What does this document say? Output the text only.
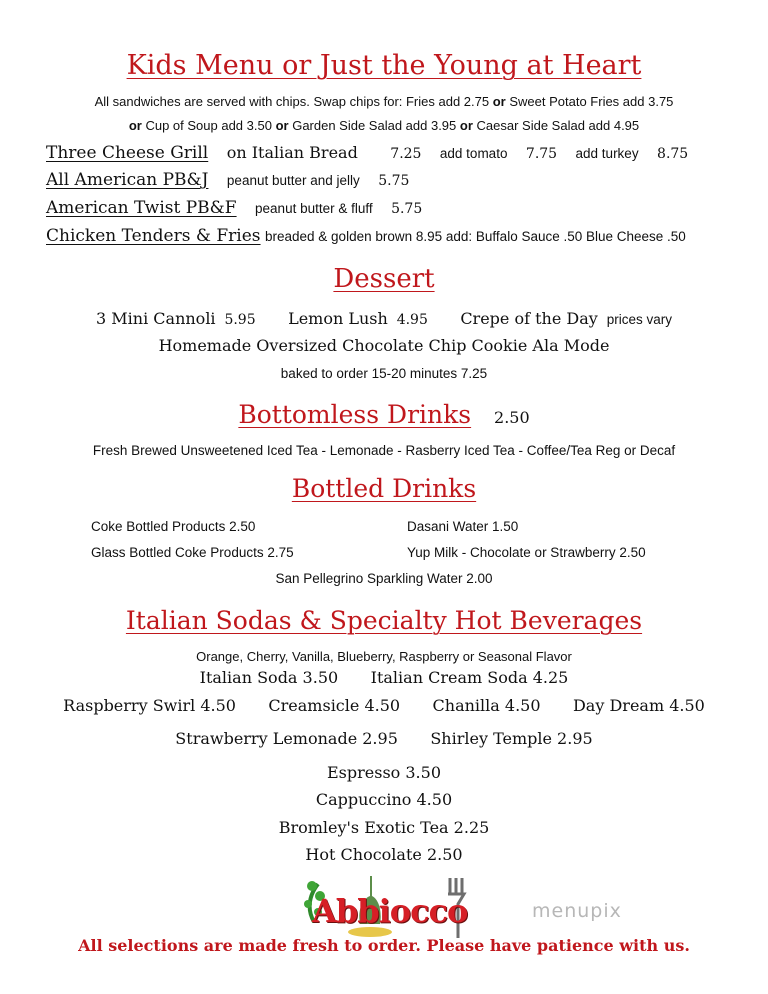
Kids Menu or Just the Young at Heart
All sandwiches are served with chips. Swap chips for: Fries add 2.75 or Sweet Potato Fries add 3.75
or Cup of Soup add 3.50 or Garden Side Salad add 3.95 or Caesar Side Salad add 4.95
Three Cheese Grill on Italian Bread 7.25 add tomato 7.75 add turkey 8.75
All American PB&J peanut butter and jelly 5.75
American Twist PB&F peanut butter & fluff 5.75
Chicken Tenders & Fries breaded & golden brown 8.95 add: Buffalo Sauce .50 Blue Cheese .50
Dessert
3 Mini Cannoli 5.95 Lemon Lush 4.95 Crepe of the Day prices vary
Homemade Oversized Chocolate Chip Cookie Ala Mode
baked to order 15-20 minutes 7.25
Bottomless Drinks 2.50
Fresh Brewed Unsweetened Iced Tea - Lemonade - Rasberry Iced Tea - Coffee/Tea Reg or Decaf
Bottled Drinks
Coke Bottled Products 2.50
Glass Bottled Coke Products 2.75
Dasani Water 1.50
Yup Milk - Chocolate or Strawberry 2.50
San Pellegrino Sparkling Water 2.00
Italian Sodas & Specialty Hot Beverages
Orange, Cherry, Vanilla, Blueberry, Raspberry or Seasonal Flavor
Italian Soda 3.50 Italian Cream Soda 4.25
Raspberry Swirl 4.50 Creamsicle 4.50 Chanilla 4.50 Day Dream 4.50
Strawberry Lemonade 2.95 Shirley Temple 2.95
Espresso 3.50
Cappuccino 4.50
Bromley's Exotic Tea 2.25
Hot Chocolate 2.50
Abbiocco	menupix
All selections are made fresh to order. Please have patience with us.
